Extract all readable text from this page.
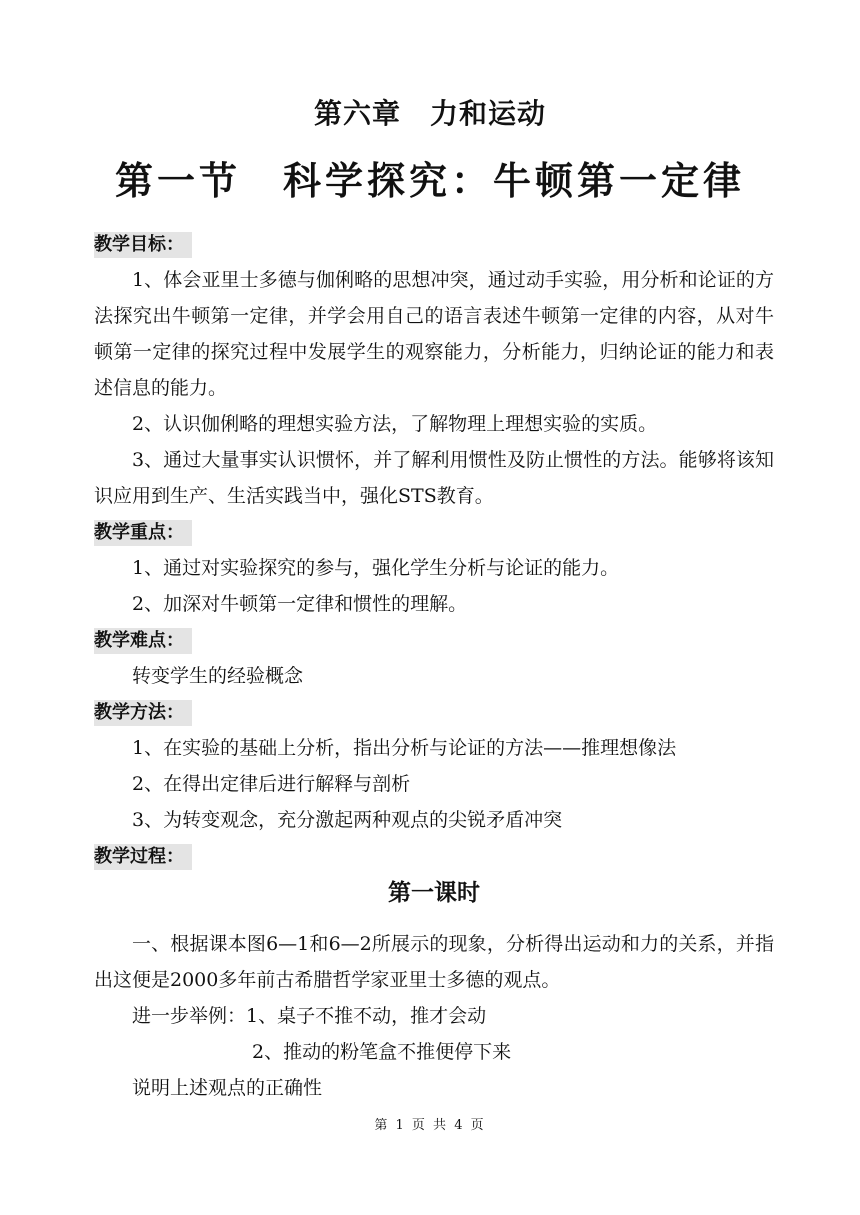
第六章　力和运动
第一节　科学探究：牛顿第一定律
教学目标：

1、体会亚里士多德与伽俐略的思想冲突，通过动手实验，用分析和论证的方法探究出牛顿第一定律，并学会用自己的语言表述牛顿第一定律的内容，从对牛顿第一定律的探究过程中发展学生的观察能力，分析能力，归纳论证的能力和表述信息的能力。

2、认识伽俐略的理想实验方法，了解物理上理想实验的实质。

3、通过大量事实认识惯怀，并了解利用惯性及防止惯性的方法。能够将该知识应用到生产、生活实践当中，强化STS教育。

教学重点：

1、通过对实验探究的参与，强化学生分析与论证的能力。

2、加深对牛顿第一定律和惯性的理解。

教学难点：

转变学生的经验概念

教学方法：

1、在实验的基础上分析，指出分析与论证的方法——推理想像法

2、在得出定律后进行解释与剖析

3、为转变观念，充分激起两种观点的尖锐矛盾冲突

教学过程：
第一课时

一、根据课本图6—1和6—2所展示的现象，分析得出运动和力的关系，并指出这便是2000多年前古希腊哲学家亚里士多德的观点。

进一步举例：1、桌子不推不动，推才会动

2、推动的粉笔盒不推便停下来

说明上述观点的正确性

第 1 页 共 4 页
